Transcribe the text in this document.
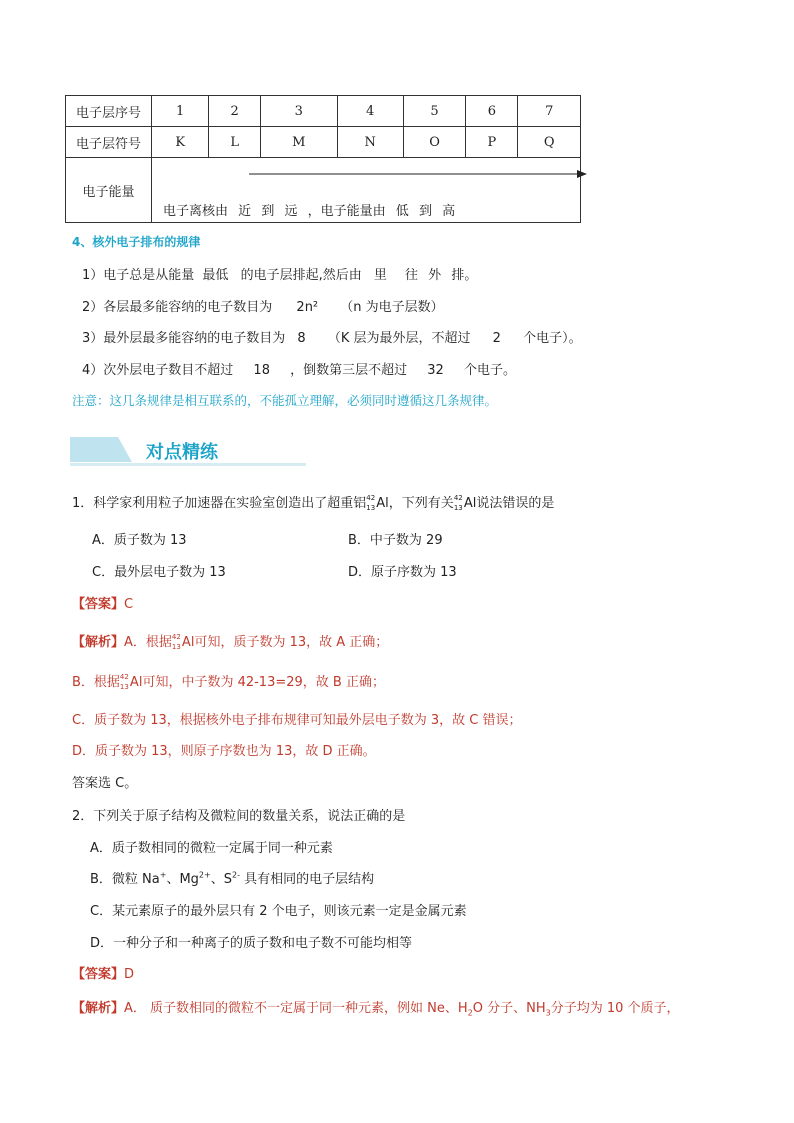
电子层序号	1	2	3	4	5	6	7
电子层符号	K	L	M	N	O	P	Q
电子能量	
电子离核由 近 到 远 ，电子能量由 低 到 高
4、核外电子排布的规律
1）电子总是从能量 最低 的电子层排起,然后由 里 往 外 排。
2）各层最多能容纳的电子数目为 2n² （n 为电子层数）
3）最外层最多能容纳的电子数目为 8 （K 层为最外层，不超过 2 个电子）。
4）次外层电子数目不超过 18 ，倒数第三层不超过 32 个电子。
注意：这几条规律是相互联系的，不能孤立理解，必须同时遵循这几条规律。
对点精练
1．科学家利用粒子加速器在实验室创造出了超重铝 42
13 Al，下列有关 42
13 Al说法错误的是
A．质子数为 13	B．中子数为 29
C．最外层电子数为 13	D．原子序数为 13
【答案】C
【解析】A．根据 42
13 Al可知，质子数为 13，故 A 正确；
B．根据 42
13 Al可知，中子数为 42-13=29，故 B 正确；
C．质子数为 13，根据核外电子排布规律可知最外层电子数为 3，故 C 错误；
D．质子数为 13，则原子序数也为 13，故 D 正确。
答案选 C。
2．下列关于原子结构及微粒间的数量关系，说法正确的是
A．质子数相同的微粒一定属于同一种元素
B．微粒 Na+、$Mg^{2+}$、$S^{2-}$ 具有相同的电子层结构
C．某元素原子的最外层只有 2 个电子，则该元素一定是金属元素
D．一种分子和一种离子的质子数和电子数不可能均相等
【答案】D
【解析】A． 质子数相同的微粒不一定属于同一种元素，例如 Ne、$H_2O$ 分子、$NH_3$分子均为 10 个质子，
